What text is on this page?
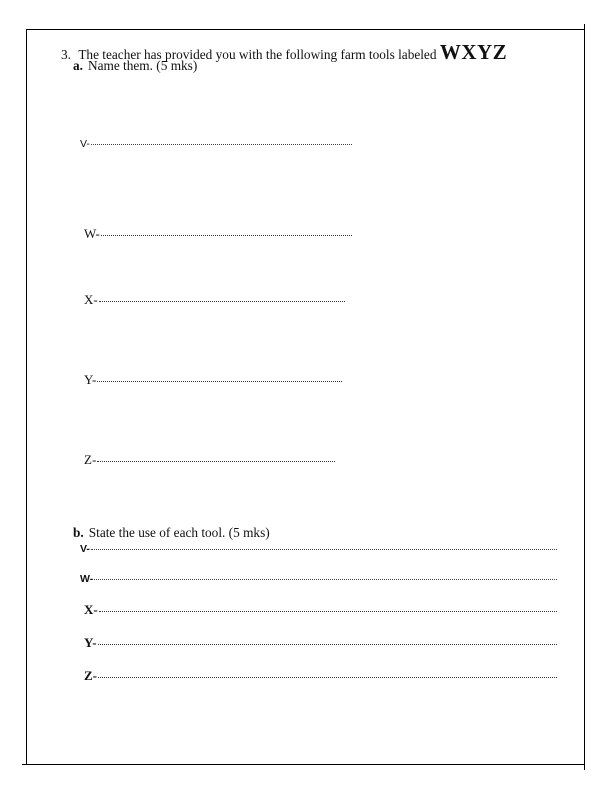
3. The teacher has provided you with the following farm tools labeled WXYZ
a. Name them. (5 mks)
V-
W-
X-
Y-
Z-
b. State the use of each tool. (5 mks)
V-
W-
X-
Y-
Z-
